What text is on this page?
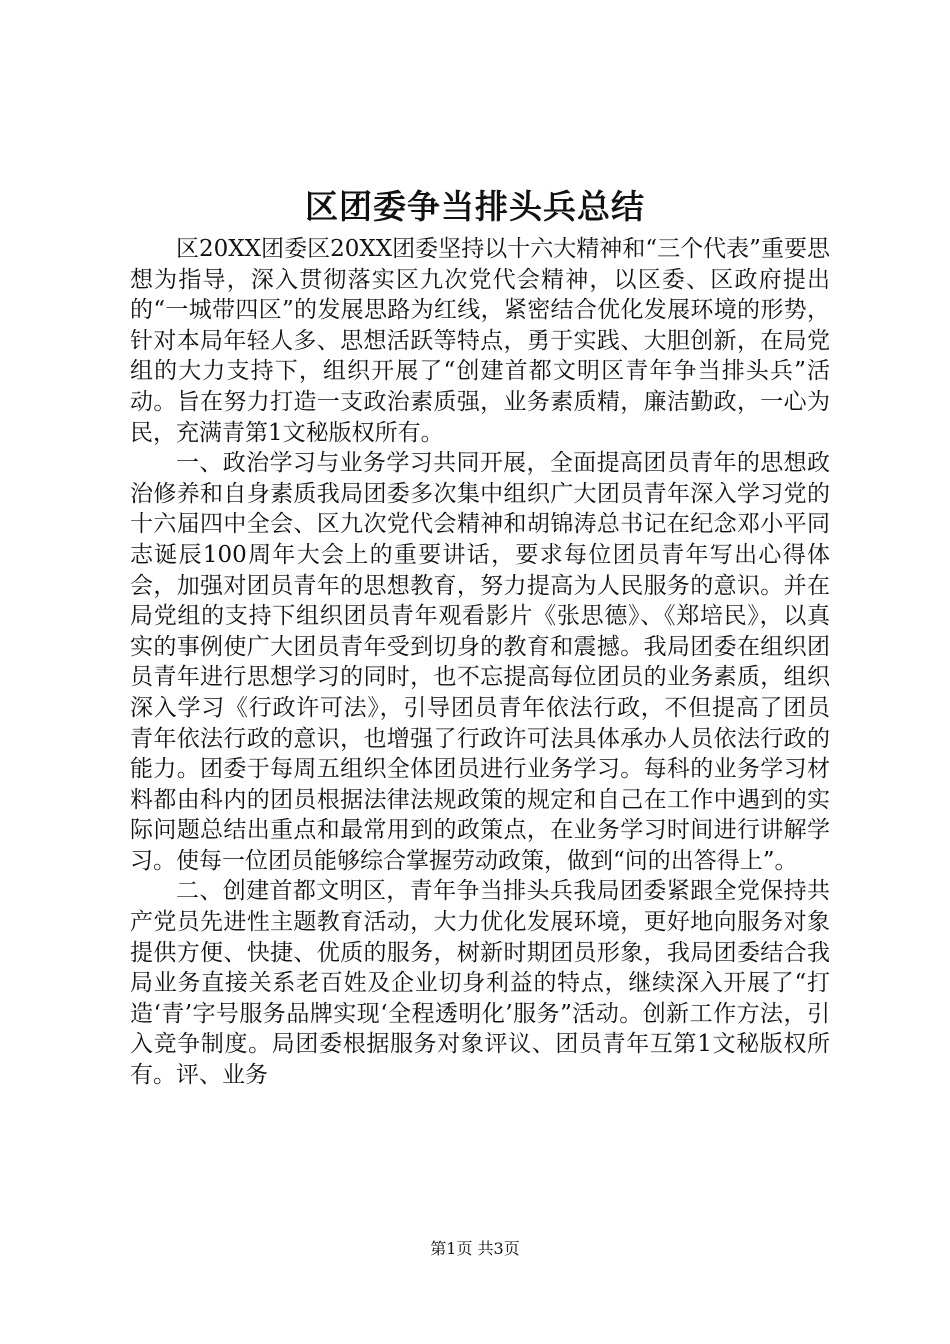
区团委争当排头兵总结

区20XX团委区20XX团委坚持以十六大精神和“三个代表”重要思想为指导，深入贯彻落实区九次党代会精神，以区委、区政府提出的“一城带四区”的发展思路为红线，紧密结合优化发展环境的形势，针对本局年轻人多、思想活跃等特点，勇于实践、大胆创新，在局党组的大力支持下，组织开展了“创建首都文明区青年争当排头兵”活动。旨在努力打造一支政治素质强，业务素质精，廉洁勤政，一心为民，充满青第1文秘版权所有。

一、政治学习与业务学习共同开展，全面提高团员青年的思想政治修养和自身素质我局团委多次集中组织广大团员青年深入学习党的十六届四中全会、区九次党代会精神和胡锦涛总书记在纪念邓小平同志诞辰100周年大会上的重要讲话，要求每位团员青年写出心得体会，加强对团员青年的思想教育，努力提高为人民服务的意识。并在局党组的支持下组织团员青年观看影片《张思德》、《郑培民》，以真实的事例使广大团员青年受到切身的教育和震撼。我局团委在组织团员青年进行思想学习的同时，也不忘提高每位团员的业务素质，组织深入学习《行政许可法》，引导团员青年依法行政，不但提高了团员青年依法行政的意识，也增强了行政许可法具体承办人员依法行政的能力。团委于每周五组织全体团员进行业务学习。每科的业务学习材料都由科内的团员根据法律法规政策的规定和自己在工作中遇到的实际问题总结出重点和最常用到的政策点，在业务学习时间进行讲解学习。使每一位团员能够综合掌握劳动政策，做到“问的出答得上”。

二、创建首都文明区，青年争当排头兵我局团委紧跟全党保持共产党员先进性主题教育活动，大力优化发展环境，更好地向服务对象提供方便、快捷、优质的服务，树新时期团员形象，我局团委结合我局业务直接关系老百姓及企业切身利益的特点，继续深入开展了“打造‘青’字号服务品牌实现‘全程透明化’服务”活动。创新工作方法，引入竞争制度。局团委根据服务对象评议、团员青年互第1文秘版权所有。评、业务

第1页 共3页
